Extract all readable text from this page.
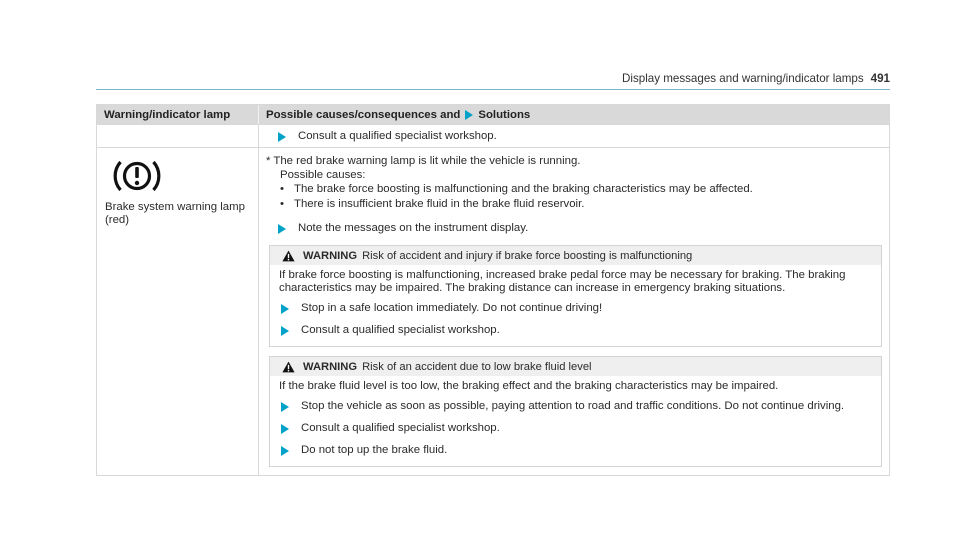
Display messages and warning/indicator lamps 491
Warning/indicator lamp	Possible causes/consequences and Solutions
Consult a qualified specialist workshop.
Brake system warning lamp (red)
* The red brake warning lamp is lit while the vehicle is running.
Possible causes:
• The brake force boosting is malfunctioning and the braking characteristics may be affected.
• There is insufficient brake fluid in the brake fluid reservoir.
Note the messages on the instrument display.
WARNING Risk of accident and injury if brake force boosting is malfunctioning
If brake force boosting is malfunctioning, increased brake pedal force may be necessary for braking. The braking characteristics may be impaired. The braking distance can increase in emergency braking situations.
Stop in a safe location immediately. Do not continue driving!
Consult a qualified specialist workshop.
WARNING Risk of an accident due to low brake fluid level
If the brake fluid level is too low, the braking effect and the braking characteristics may be impaired.
Stop the vehicle as soon as possible, paying attention to road and traffic conditions. Do not continue driving.
Consult a qualified specialist workshop.
Do not top up the brake fluid.
